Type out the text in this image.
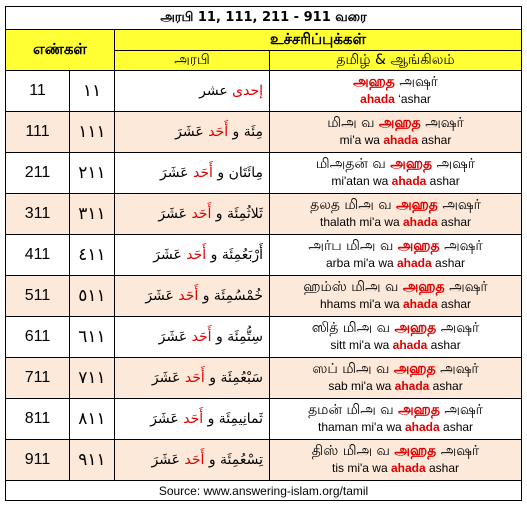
அரபி 11, 111, 211 - 911 வரை			
எண்கள்		உச்சரிப்புக்கள்	
		அரபி	தமிழ் & ஆங்கிலம்
11	١١	إحدى عشر	அஹத அஷர்
ahada ‘ashar

111	١١١	مِئَة و أَحَد عَشَرَ	மிஅ வ அஹத அஷர்
mi'a wa ahada ashar

211	٢١١	مِائَتَان و أَحَد عَشَرَ	மிஅதன் வ அஹத அஷர்
mi'atan wa ahada ashar

311	٣١١	ثَلاثُمِئَة و أَحَد عَشَرَ	தலத மிஅ வ அஹத அஷர்
thalath mi'a wa ahada ashar

411	٤١١	أَرْبَعُمِئَة و أَحَد عَشَرَ	அர்ப மிஅ வ அஹத அஷர்
arba mi'a wa ahada ashar

511	٥١١	خُمْسُمِئَة و أَحَد عَشَرَ	ஹம்ஸ் மிஅ வ அஹத அஷர்
hhams mi'a wa ahada ashar

611	٦١١	سِتُّمِئَة و أَحَد عَشَرَ	ஸித் மிஅ வ அஹத அஷர்
sitt mi'a wa ahada ashar

711	٧١١	سَبْعُمِئَة و أَحَد عَشَرَ	ஸப் மிஅ வ அஹத அஷர்
sab mi'a wa ahada ashar

811	٨١١	ثَمانِيمِئَة و أَحَد عَشَرَ	தமன் மிஅ வ அஹத அஷர்
thaman mi'a wa ahada ashar

911	٩١١	تِسْعُمِئَة و أَحَد عَشَرَ	திஸ் மிஅ வ அஹத அஷர்
tis mi'a wa ahada ashar

Source: www.answering-islam.org/tamil			
